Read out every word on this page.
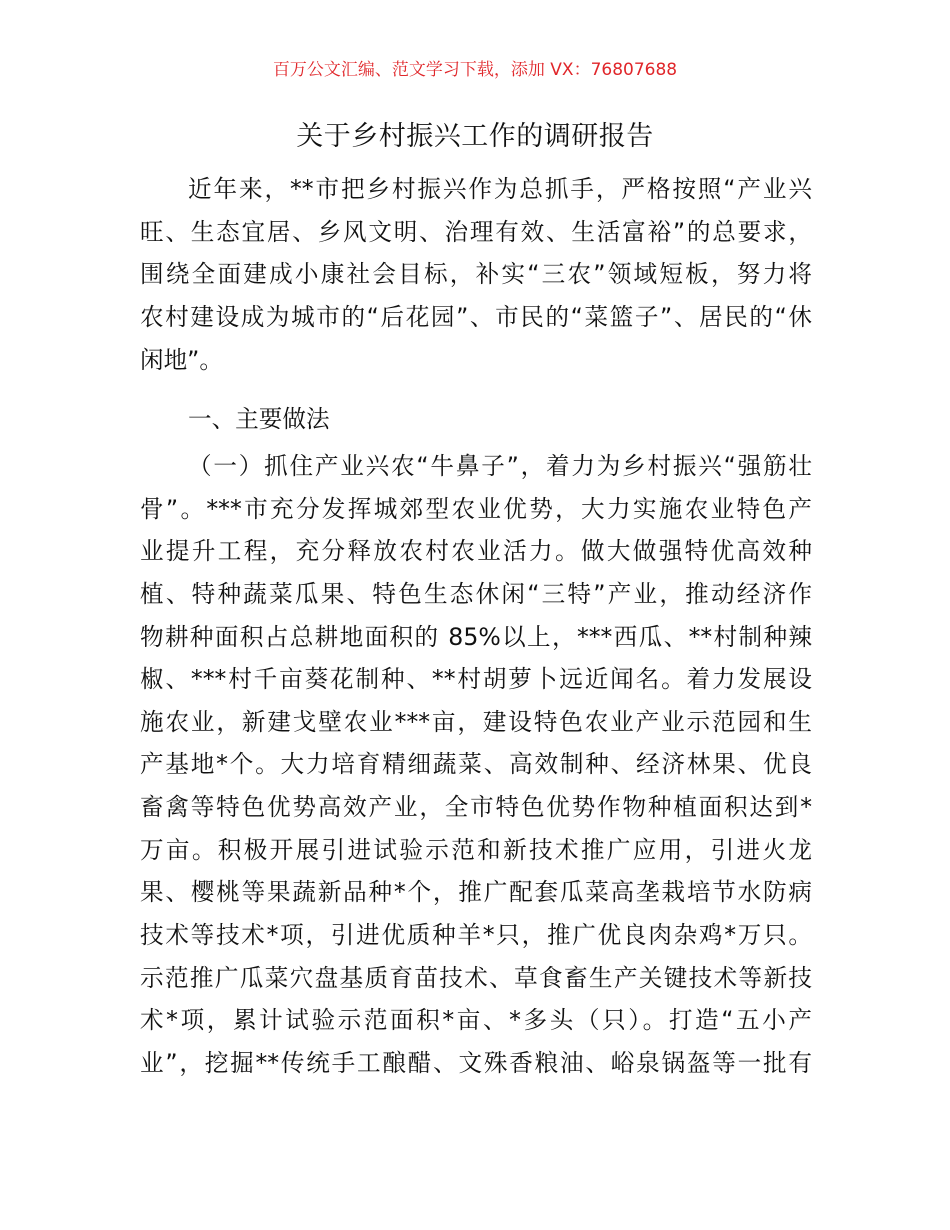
百万公文汇编、范文学习下载，添加 VX：76807688
关于乡村振兴工作的调研报告
近年来，**市把乡村振兴作为总抓手，严格按照“产业兴
旺、生态宜居、乡风文明、治理有效、生活富裕”的总要求，
围绕全面建成小康社会目标，补实“三农”领域短板，努力将
农村建设成为城市的“后花园”、市民的“菜篮子”、居民的“休
闲地”。
一、主要做法
（一）抓住产业兴农“牛鼻子”，着力为乡村振兴“强筋壮
骨”。***市充分发挥城郊型农业优势，大力实施农业特色产
业提升工程，充分释放农村农业活力。做大做强特优高效种
植、特种蔬菜瓜果、特色生态休闲“三特”产业，推动经济作
物耕种面积占总耕地面积的 85%以上，***西瓜、**村制种辣
椒、***村千亩葵花制种、**村胡萝卜远近闻名。着力发展设
施农业，新建戈壁农业***亩，建设特色农业产业示范园和生
产基地*个。大力培育精细蔬菜、高效制种、经济林果、优良
畜禽等特色优势高效产业，全市特色优势作物种植面积达到*
万亩。积极开展引进试验示范和新技术推广应用，引进火龙
果、樱桃等果蔬新品种*个，推广配套瓜菜高垄栽培节水防病
技术等技术*项，引进优质种羊*只，推广优良肉杂鸡*万只。
示范推广瓜菜穴盘基质育苗技术、草食畜生产关键技术等新技
术*项，累计试验示范面积*亩、*多头（只）。打造“五小产
业”，挖掘**传统手工酿醋、文殊香粮油、峪泉锅盔等一批有
